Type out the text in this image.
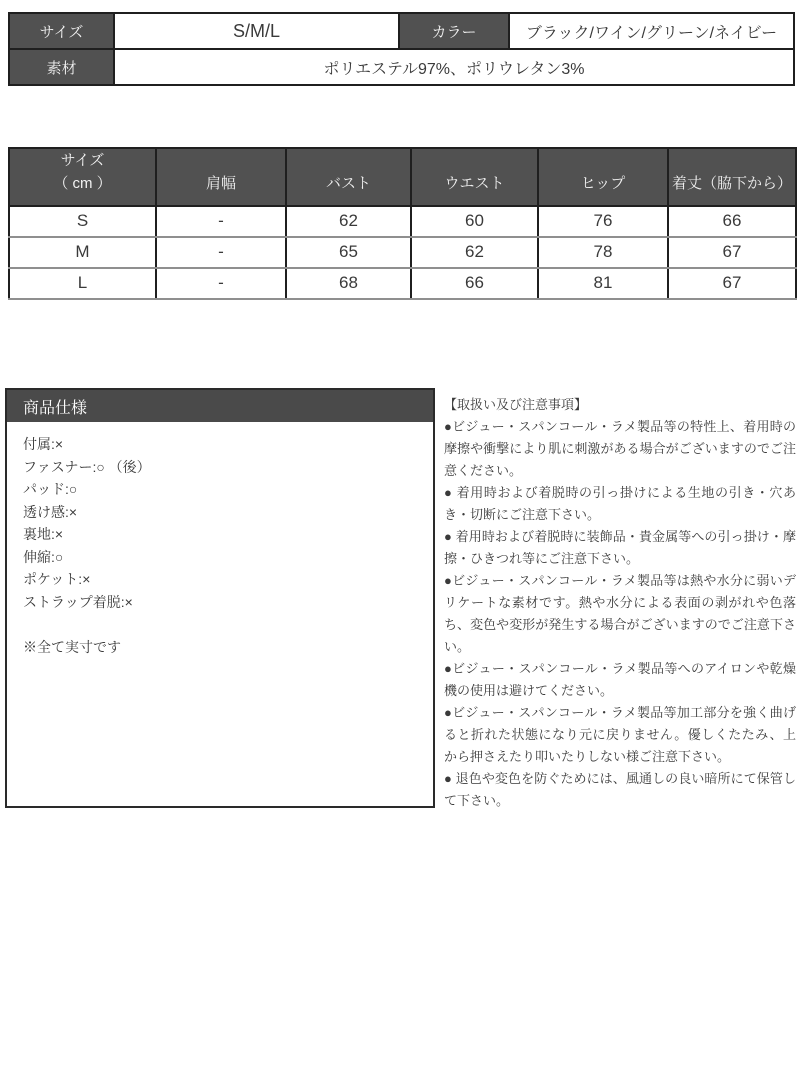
サイズ	S/M/L	カラー	ブラック/ワイン/グリーン/ネイビー
素材	ポリエステル97%、ポリウレタン3%		
サイズ
（ cm ）	肩幅	バスト	ウエスト	ヒップ	着丈（脇下から）
S	-	62	60	76	66
M	-	65	62	78	67
L	-	68	66	81	67
商品仕様
付属:×
ファスナー:○ （後）
パッド:○
透け感:×
裏地:×
伸縮:○
ポケット:×
ストラップ着脱:×
※全て実寸です

【取扱い及び注意事項】

●ビジュー・スパンコール・ラメ製品等の特性上、着用時の摩擦や衝撃により肌に刺激がある場合がございますのでご注意ください。

● 着用時および着脱時の引っ掛けによる生地の引き・穴あき・切断にご注意下さい。

● 着用時および着脱時に装飾品・貴金属等への引っ掛け・摩擦・ひきつれ等にご注意下さい。

●ビジュー・スパンコール・ラメ製品等は熱や水分に弱いデリケートな素材です。熱や水分による表面の剥がれや色落ち、変色や変形が発生する場合がございますのでご注意下さい。

●ビジュー・スパンコール・ラメ製品等へのアイロンや乾燥機の使用は避けてください。

●ビジュー・スパンコール・ラメ製品等加工部分を強く曲げると折れた状態になり元に戻りません。優しくたたみ、上から押さえたり叩いたりしない様ご注意下さい。

● 退色や変色を防ぐためには、風通しの良い暗所にて保管して下さい。
